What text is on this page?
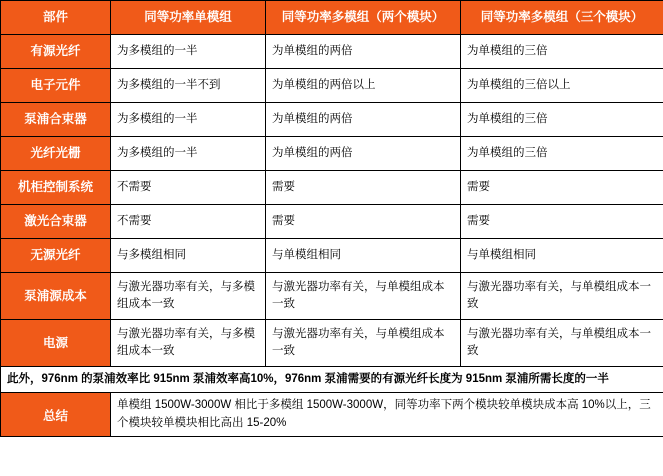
部件	同等功率单模组	同等功率多模组（两个模块）	同等功率多模组（三个模块）
有源光纤	为多模组的一半	为单模组的两倍	为单模组的三倍
电子元件	为多模组的一半不到	为单模组的两倍以上	为单模组的三倍以上
泵浦合束器	为多模组的一半	为单模组的两倍	为单模组的三倍
光纤光栅	为多模组的一半	为单模组的两倍	为单模组的三倍
机柜控制系统	不需要	需要	需要
激光合束器	不需要	需要	需要
无源光纤	与多模组相同	与单模组相同	与单模组相同
泵浦源成本	与激光器功率有关，与多模组成本一致	与激光器功率有关，与单模组成本一致	与激光器功率有关，与单模组成本一致
电源	与激光器功率有关，与多模组成本一致	与激光器功率有关，与单模组成本一致	与激光器功率有关，与单模组成本一致
此外，976nm 的泵浦效率比 915nm 泵浦效率高10%，976nm 泵浦需要的有源光纤长度为 915nm 泵浦所需长度的一半			
总结	单模组 1500W-3000W 相比于多模组 1500W-3000W，同等功率下两个模块较单模块成本高 10%以上，三个模块较单模块相比高出 15-20%		
